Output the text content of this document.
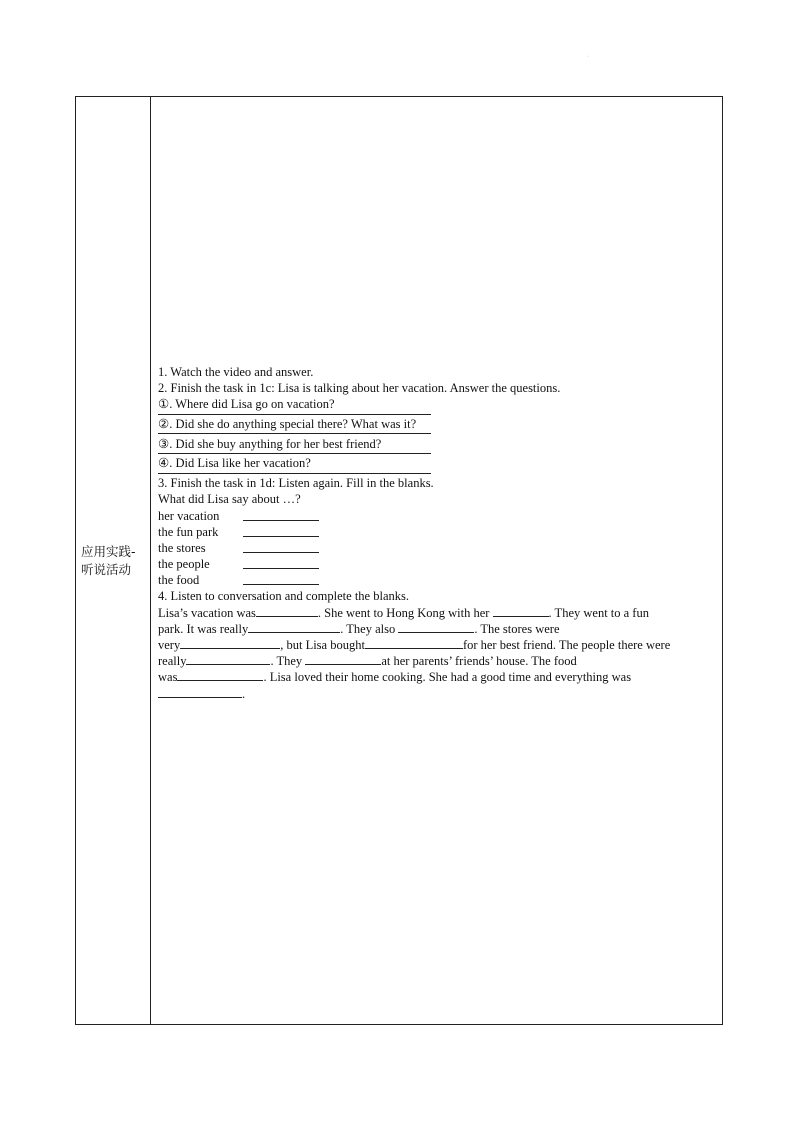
·
应用实践-
听说活动
1. Watch the video and answer.
2. Finish the task in 1c: Lisa is talking about her vacation. Answer the questions.
①. Where did Lisa go on vacation?
②. Did she do anything special there? What was it?
③. Did she buy anything for her best friend?
④. Did Lisa like her vacation?
3. Finish the task in 1d: Listen again. Fill in the blanks.
What did Lisa say about …?
her vacation
the fun park
the stores
the people
the food
4. Listen to conversation and complete the blanks.
Lisa’s vacation was	. She went to Hong Kong with her	. They went to a fun
park. It was really	. They also	. The stores were
very	, but Lisa bought	for her best friend. The people there were
really	. They	at her parents’ friends’ house. The food
was	. Lisa loved their home cooking. She had a good time and everything was
.
